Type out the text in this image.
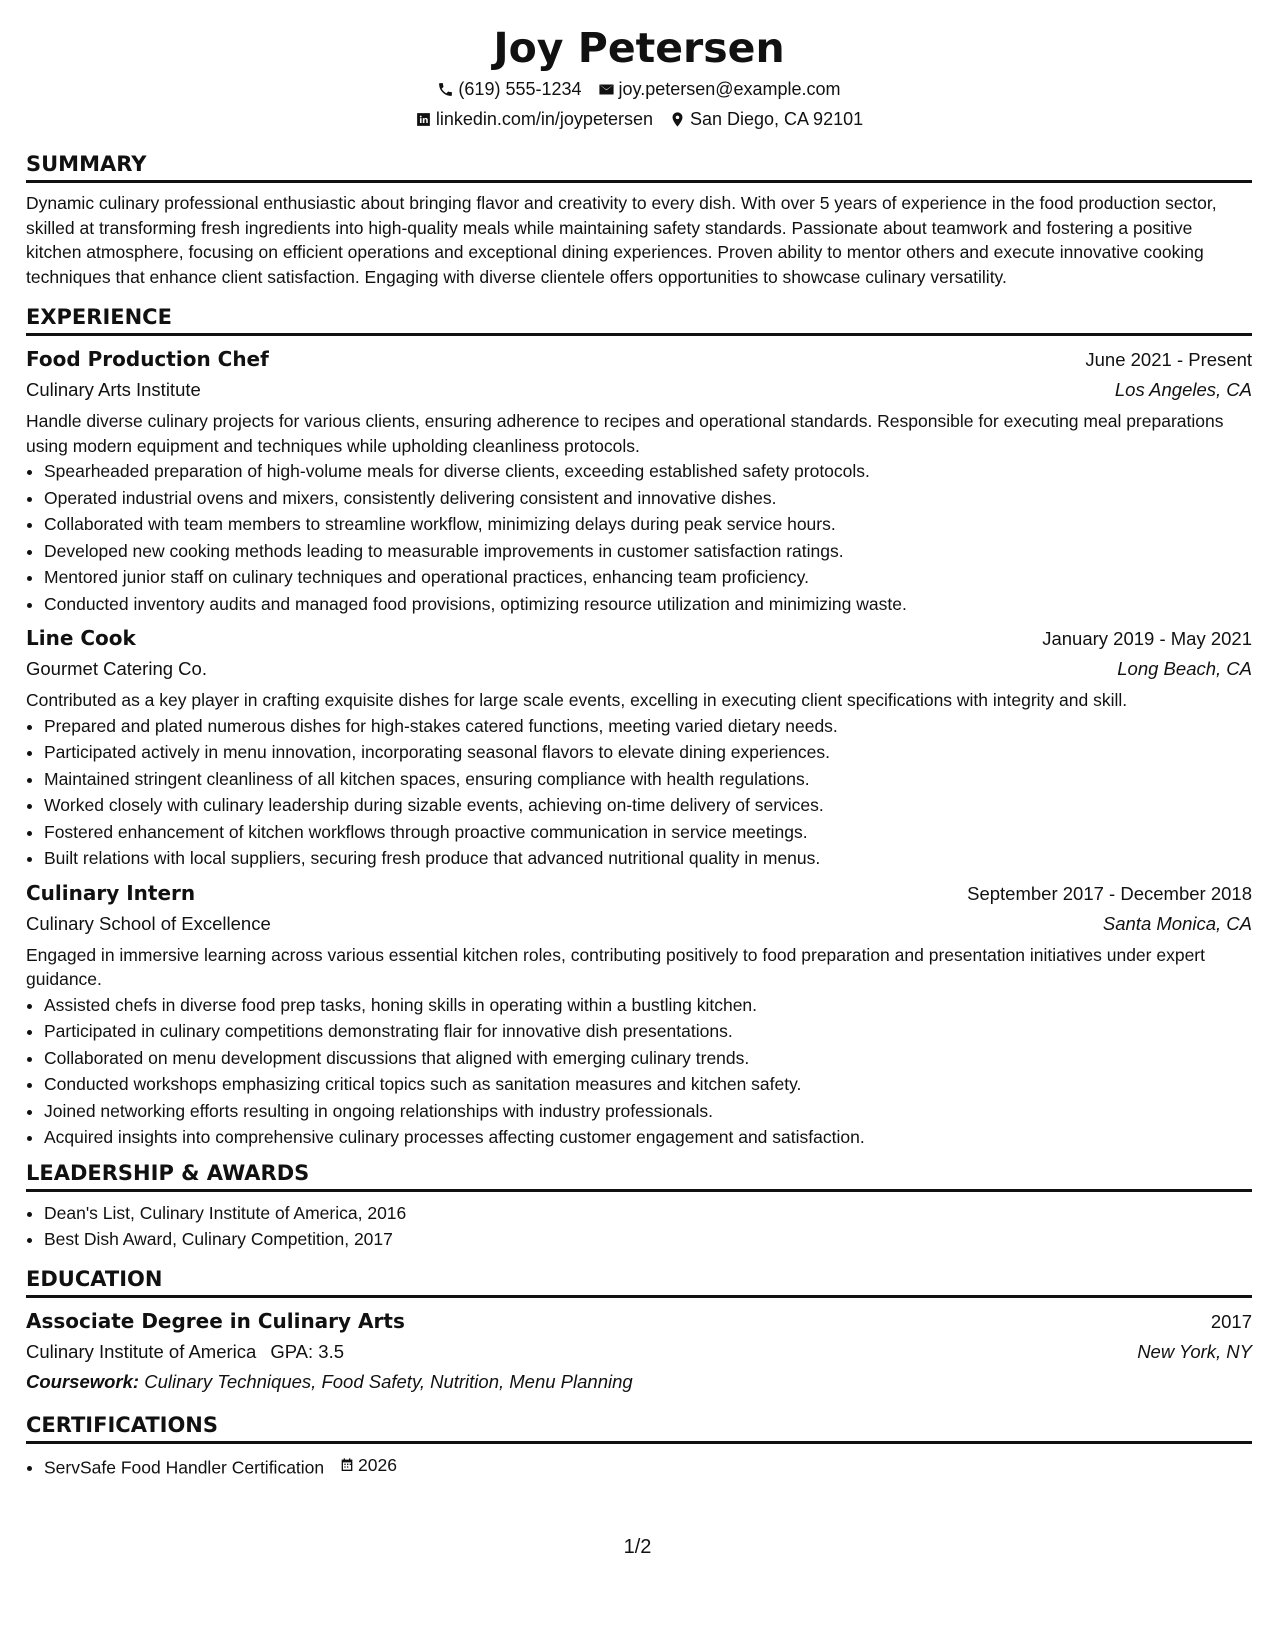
Joy Petersen
(619) 555-1234 joy.petersen@example.com
linkedin.com/in/joypetersen San Diego, CA 92101
SUMMARY

Dynamic culinary professional enthusiastic about bringing flavor and creativity to every dish. With over 5 years of experience in the food production sector, skilled at transforming fresh ingredients into high-quality meals while maintaining safety standards. Passionate about teamwork and fostering a positive kitchen atmosphere, focusing on efficient operations and exceptional dining experiences. Proven ability to mentor others and execute innovative cooking techniques that enhance client satisfaction. Engaging with diverse clientele offers opportunities to showcase culinary versatility.

EXPERIENCE
Food Production Chef	June 2021 - Present
Culinary Arts Institute	Los Angeles, CA

Handle diverse culinary projects for various clients, ensuring adherence to recipes and operational standards. Responsible for executing meal preparations using modern equipment and techniques while upholding cleanliness protocols.

• Spearheaded preparation of high-volume meals for diverse clients, exceeding established safety protocols.
• Operated industrial ovens and mixers, consistently delivering consistent and innovative dishes.
• Collaborated with team members to streamline workflow, minimizing delays during peak service hours.
• Developed new cooking methods leading to measurable improvements in customer satisfaction ratings.
• Mentored junior staff on culinary techniques and operational practices, enhancing team proficiency.
• Conducted inventory audits and managed food provisions, optimizing resource utilization and minimizing waste.
Line Cook	January 2019 - May 2021
Gourmet Catering Co.	Long Beach, CA

Contributed as a key player in crafting exquisite dishes for large scale events, excelling in executing client specifications with integrity and skill.

• Prepared and plated numerous dishes for high-stakes catered functions, meeting varied dietary needs.
• Participated actively in menu innovation, incorporating seasonal flavors to elevate dining experiences.
• Maintained stringent cleanliness of all kitchen spaces, ensuring compliance with health regulations.
• Worked closely with culinary leadership during sizable events, achieving on-time delivery of services.
• Fostered enhancement of kitchen workflows through proactive communication in service meetings.
• Built relations with local suppliers, securing fresh produce that advanced nutritional quality in menus.
Culinary Intern	September 2017 - December 2018
Culinary School of Excellence	Santa Monica, CA

Engaged in immersive learning across various essential kitchen roles, contributing positively to food preparation and presentation initiatives under expert guidance.

• Assisted chefs in diverse food prep tasks, honing skills in operating within a bustling kitchen.
• Participated in culinary competitions demonstrating flair for innovative dish presentations.
• Collaborated on menu development discussions that aligned with emerging culinary trends.
• Conducted workshops emphasizing critical topics such as sanitation measures and kitchen safety.
• Joined networking efforts resulting in ongoing relationships with industry professionals.
• Acquired insights into comprehensive culinary processes affecting customer engagement and satisfaction.
LEADERSHIP & AWARDS
• Dean's List, Culinary Institute of America, 2016
• Best Dish Award, Culinary Competition, 2017
EDUCATION
Associate Degree in Culinary Arts	2017
Culinary Institute of America GPA: 3.5	New York, NY
Coursework: Culinary Techniques, Food Safety, Nutrition, Menu Planning
CERTIFICATIONS
• ServSafe Food Handler Certification 2026
1/2
